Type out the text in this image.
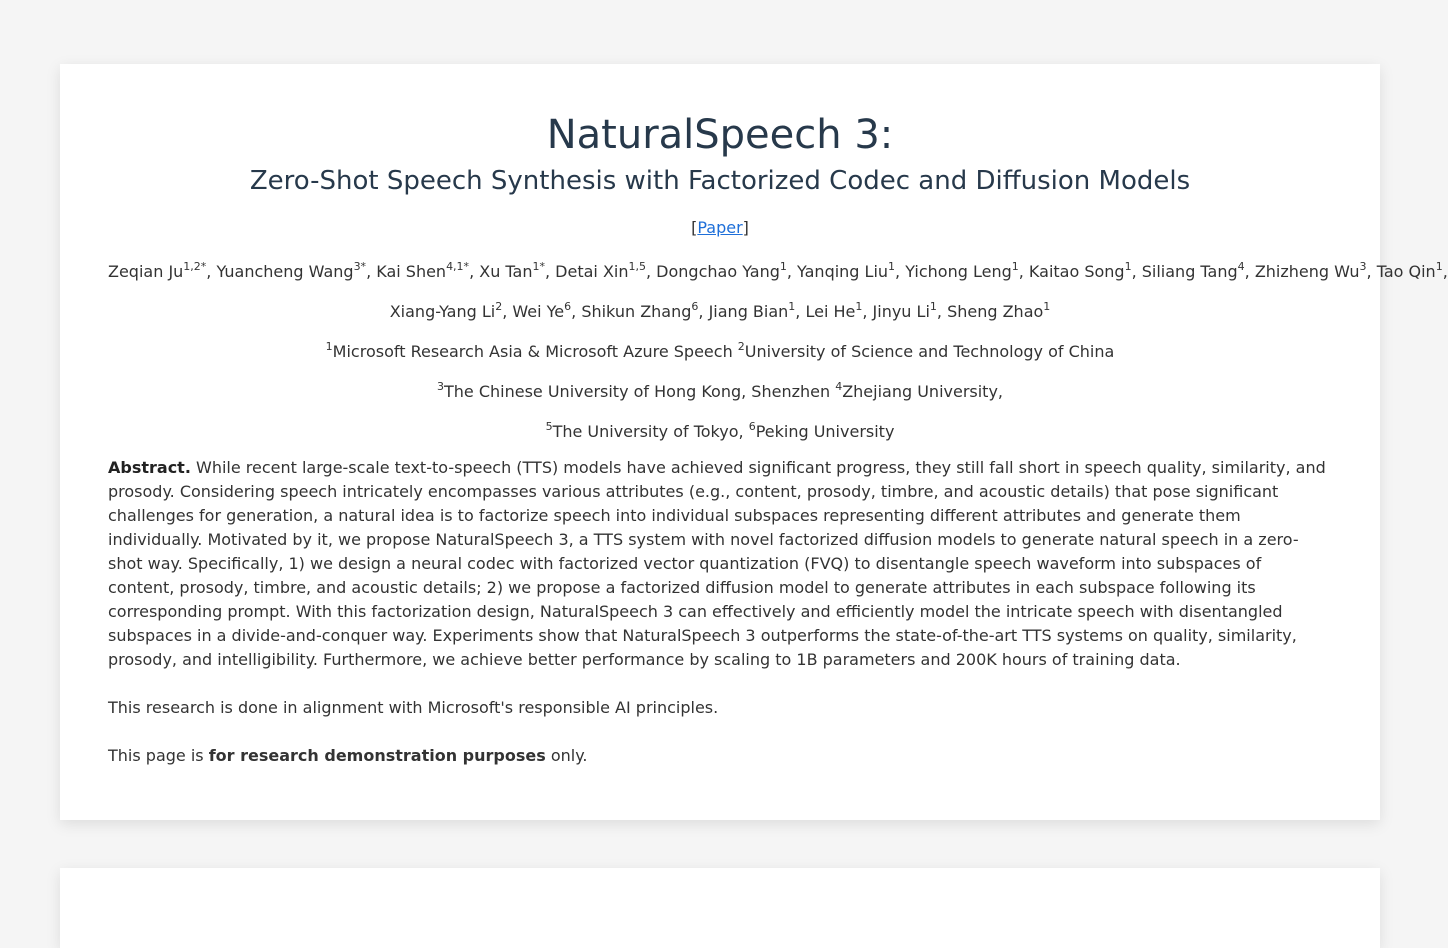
NaturalSpeech 3:
Zero-Shot Speech Synthesis with Factorized Codec and Diffusion Models
[Paper]
Zeqian $Ju^{1,2*}$, Yuancheng Wang$^{3*}$, Kai Shen$^{4,1*}$, Xu Tan$^{1*}$, Detai Xin$^{1,5}$, Dongchao Yang$^1$, Yanqing Liu$^1$, Yichong Leng$^1$, Kaitao Song$^1$, Siliang Tang$^4$, Zhizheng Wu$^3$, Tao Qin$^1$,
Xiang-Yang Li$^2$, Wei Ye$^6$, Shikun Zhang$^6$, Jiang Bian$^1$, Lei He$^1$, Jinyu Li$^1$, Sheng Zhao$^1$
$^1$Microsoft Research Asia & Microsoft Azure Speech $^2$University of Science and Technology of China
$^3$The Chinese University of Hong Kong, Shenzhen $^4$Zhejiang University,
$^5$The University of Tokyo, $^6$Peking University

Abstract. While recent large-scale text-to-speech (TTS) models have achieved significant progress, they still fall short in speech quality, similarity, and prosody. Considering speech intricately encompasses various attributes (e.g., content, prosody, timbre, and acoustic details) that pose significant challenges for generation, a natural idea is to factorize speech into individual subspaces representing different attributes and generate them individually. Motivated by it, we propose NaturalSpeech 3, a TTS system with novel factorized diffusion models to generate natural speech in a zero-shot way. Specifically, 1) we design a neural codec with factorized vector quantization (FVQ) to disentangle speech waveform into subspaces of content, prosody, timbre, and acoustic details; 2) we propose a factorized diffusion model to generate attributes in each subspace following its corresponding prompt. With this factorization design, NaturalSpeech 3 can effectively and efficiently model the intricate speech with disentangled subspaces in a divide-and-conquer way. Experiments show that NaturalSpeech 3 outperforms the state-of-the-art TTS systems on quality, similarity, prosody, and intelligibility. Furthermore, we achieve better performance by scaling to 1B parameters and 200K hours of training data.

This research is done in alignment with Microsoft's responsible AI principles.

This page is for research demonstration purposes only.
